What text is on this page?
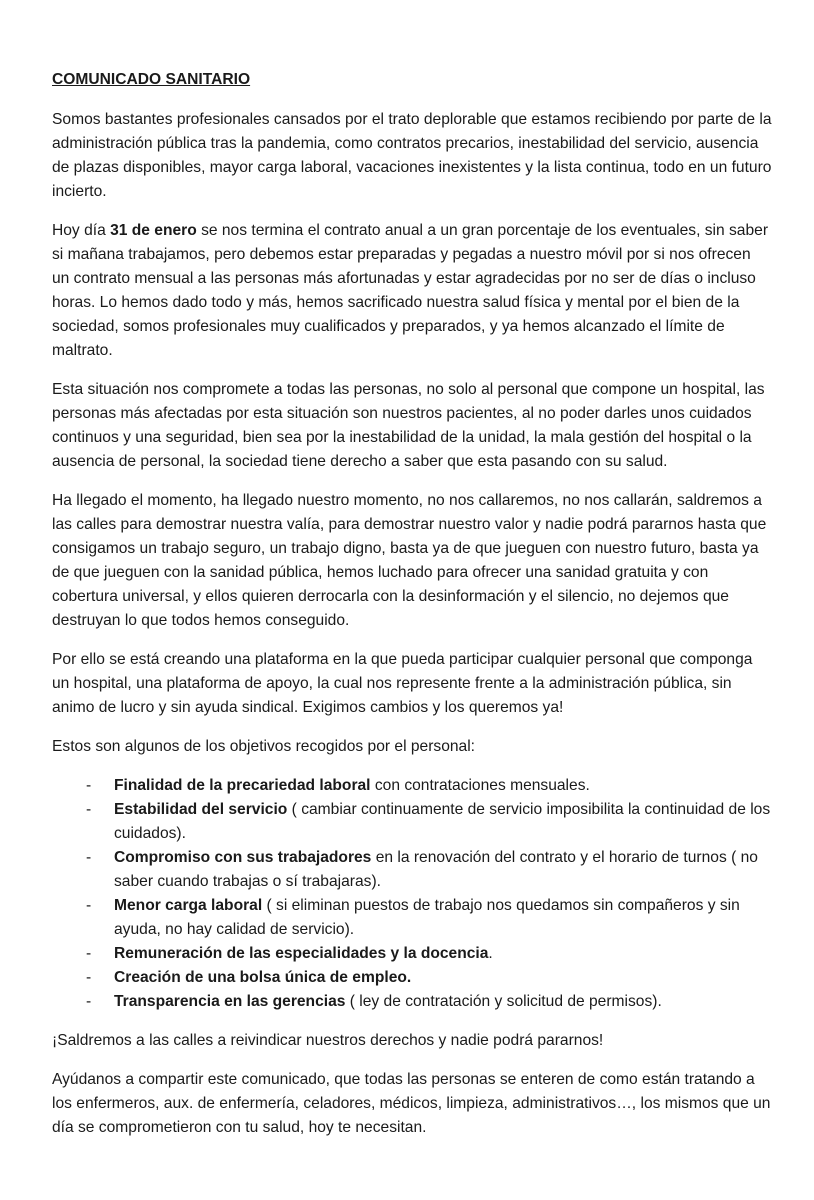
COMUNICADO SANITARIO

Somos bastantes profesionales cansados por el trato deplorable que estamos recibiendo por parte de la administración pública tras la pandemia, como contratos precarios, inestabilidad del servicio, ausencia de plazas disponibles, mayor carga laboral, vacaciones inexistentes y la lista continua, todo en un futuro incierto.

Hoy día 31 de enero se nos termina el contrato anual a un gran porcentaje de los eventuales, sin saber si mañana trabajamos, pero debemos estar preparadas y pegadas a nuestro móvil por si nos ofrecen un contrato mensual a las personas más afortunadas y estar agradecidas por no ser de días o incluso horas. Lo hemos dado todo y más, hemos sacrificado nuestra salud física y mental por el bien de la sociedad, somos profesionales muy cualificados y preparados, y ya hemos alcanzado el límite de maltrato.

Esta situación nos compromete a todas las personas, no solo al personal que compone un hospital, las personas más afectadas por esta situación son nuestros pacientes, al no poder darles unos cuidados continuos y una seguridad, bien sea por la inestabilidad de la unidad, la mala gestión del hospital o la ausencia de personal, la sociedad tiene derecho a saber que esta pasando con su salud.

Ha llegado el momento, ha llegado nuestro momento, no nos callaremos, no nos callarán, saldremos a las calles para demostrar nuestra valía, para demostrar nuestro valor y nadie podrá pararnos hasta que consigamos un trabajo seguro, un trabajo digno, basta ya de que jueguen con nuestro futuro, basta ya de que jueguen con la sanidad pública, hemos luchado para ofrecer una sanidad gratuita y con cobertura universal, y ellos quieren derrocarla con la desinformación y el silencio, no dejemos que destruyan lo que todos hemos conseguido.

Por ello se está creando una plataforma en la que pueda participar cualquier personal que componga un hospital, una plataforma de apoyo, la cual nos represente frente a la administración pública, sin animo de lucro y sin ayuda sindical. Exigimos cambios y los queremos ya!

Estos son algunos de los objetivos recogidos por el personal:

- Finalidad de la precariedad laboral con contrataciones mensuales.
- Estabilidad del servicio ( cambiar continuamente de servicio imposibilita la continuidad de los cuidados).
- Compromiso con sus trabajadores en la renovación del contrato y el horario de turnos ( no saber cuando trabajas o sí trabajaras).
- Menor carga laboral ( si eliminan puestos de trabajo nos quedamos sin compañeros y sin ayuda, no hay calidad de servicio).
- Remuneración de las especialidades y la docencia.
- Creación de una bolsa única de empleo.
- Transparencia en las gerencias ( ley de contratación y solicitud de permisos).

¡Saldremos a las calles a reivindicar nuestros derechos y nadie podrá pararnos!

Ayúdanos a compartir este comunicado, que todas las personas se enteren de como están tratando a los enfermeros, aux. de enfermería, celadores, médicos, limpieza, administrativos…, los mismos que un día se comprometieron con tu salud, hoy te necesitan.
